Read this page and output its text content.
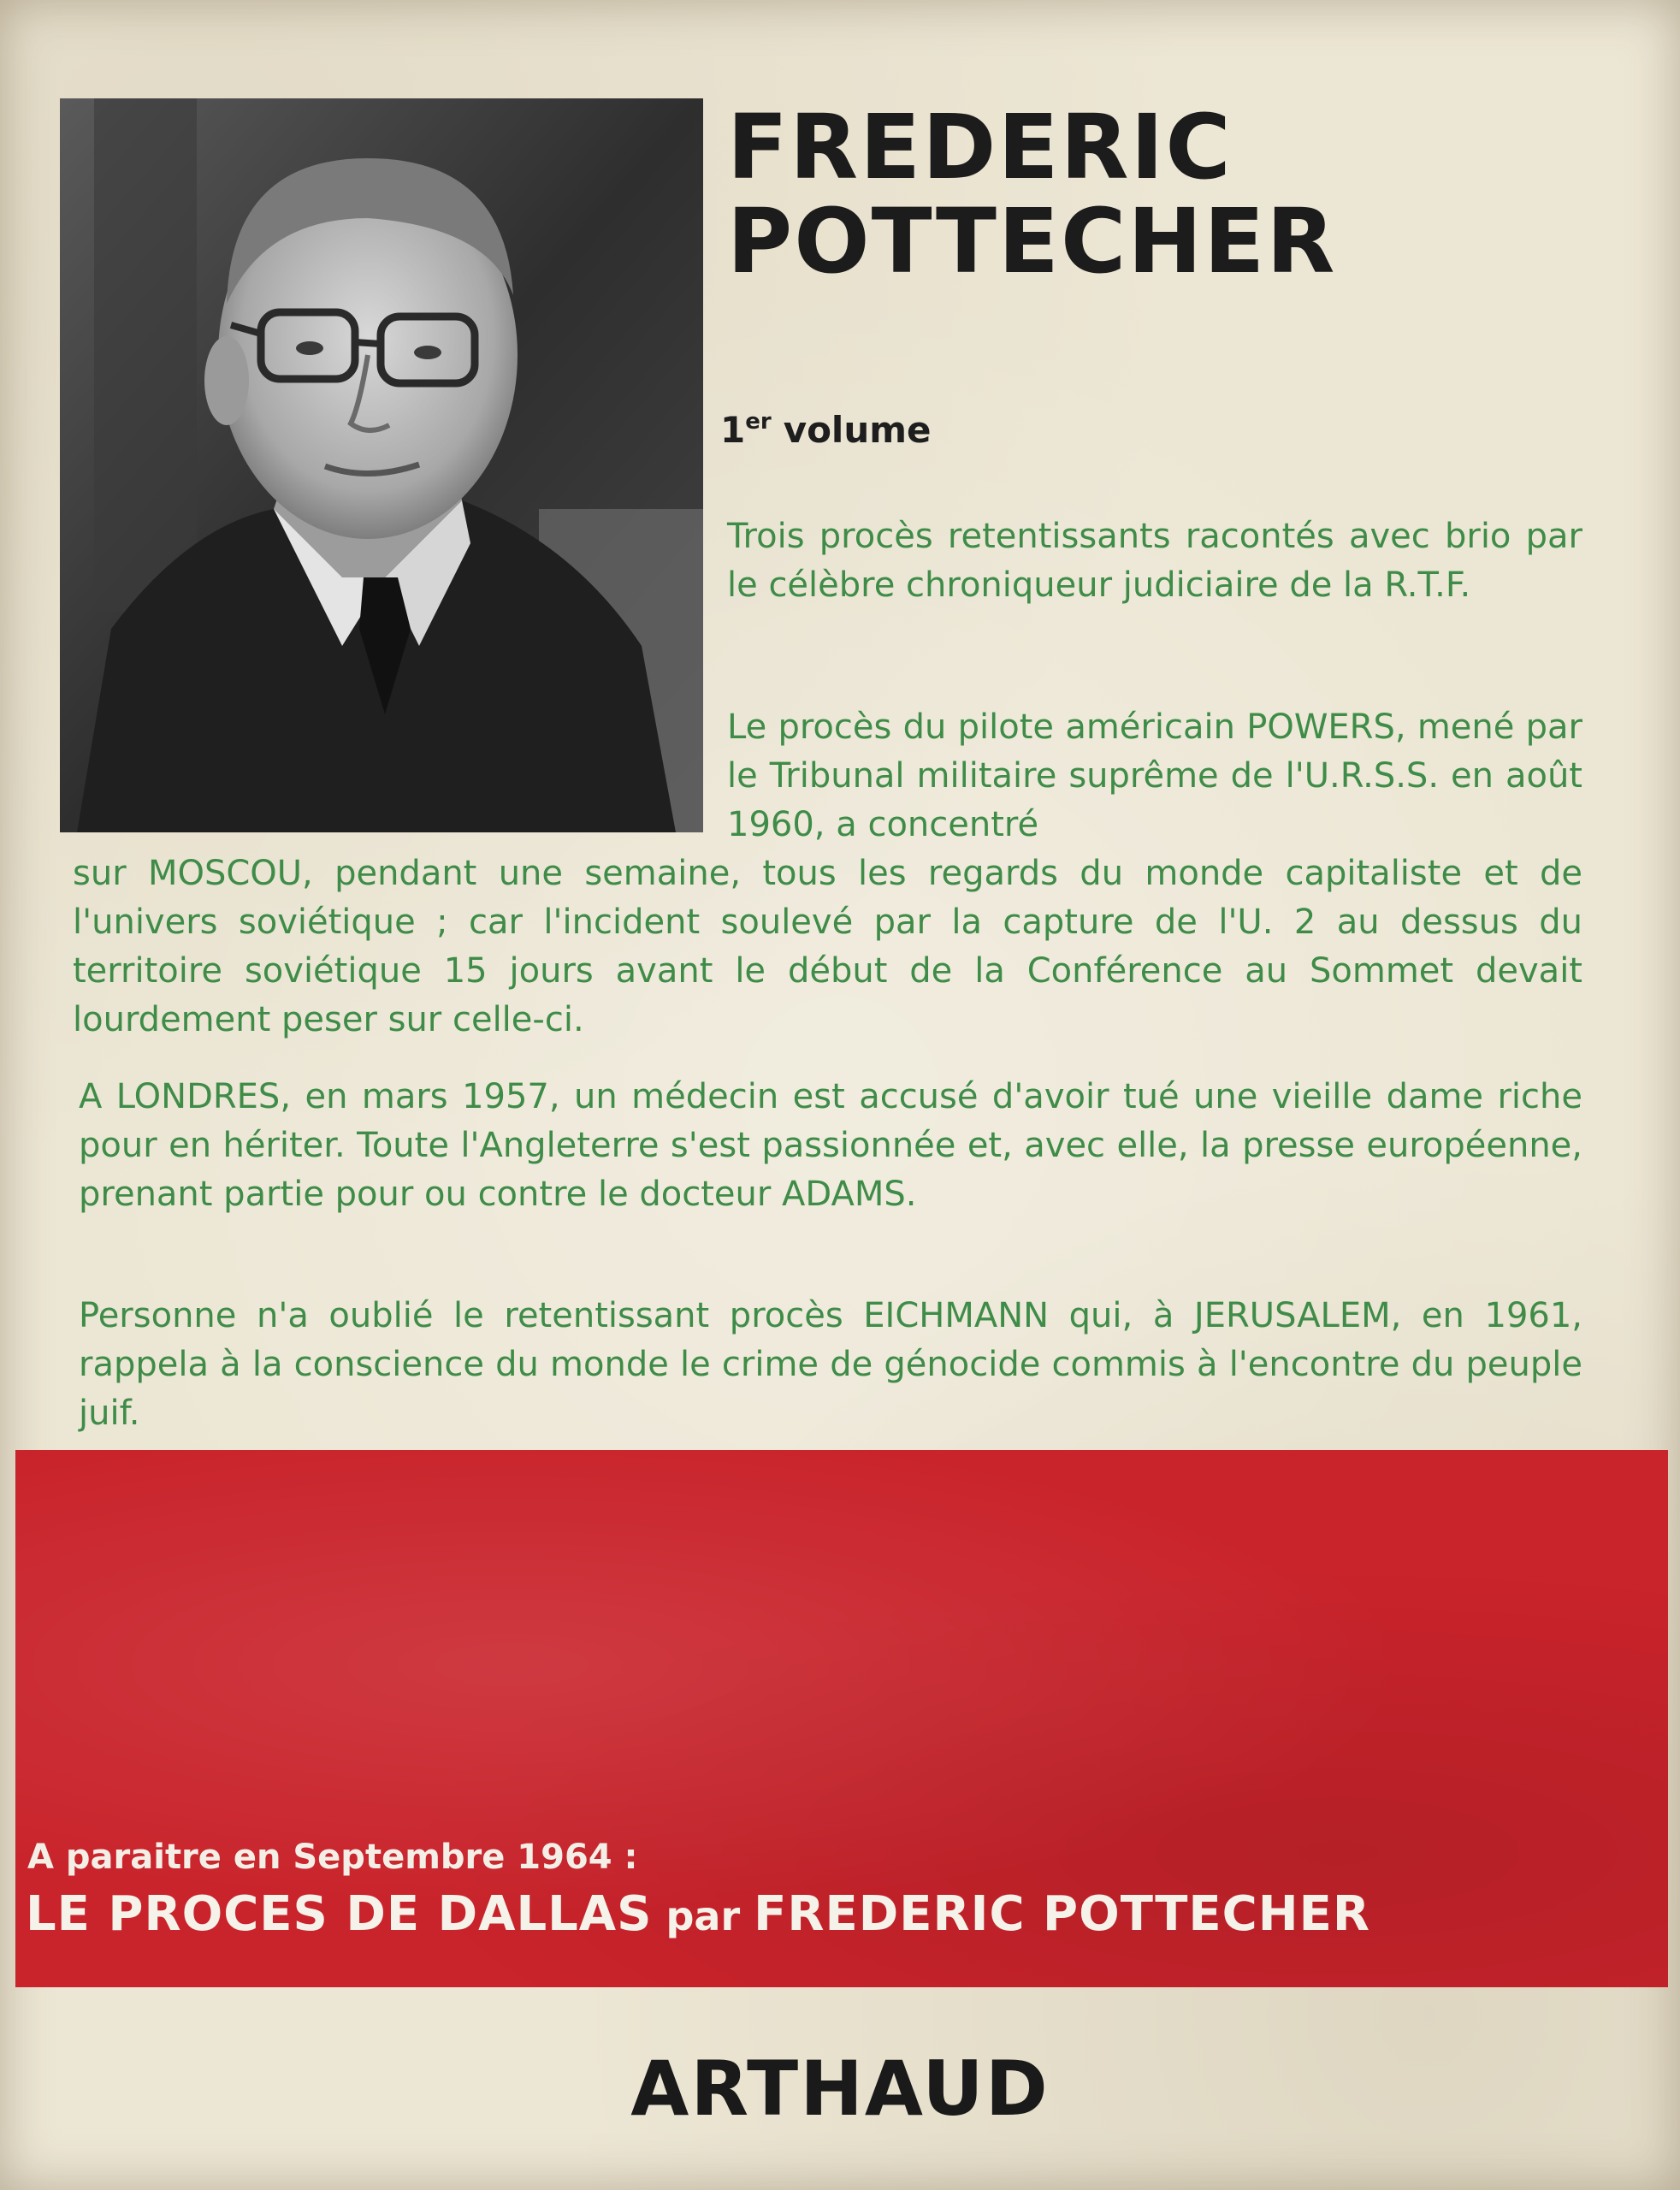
FREDERIC
POTTECHER
1er volume

Trois procès retentissants racontés avec brio par le célèbre chroniqueur judiciaire de la R.T.F.

Le procès du pilote américain POWERS, mené par le Tribunal militaire suprême de l'U.R.S.S. en août 1960, a concentré

sur MOSCOU, pendant une semaine, tous les regards du monde capitaliste et de l'univers soviétique ; car l'incident soulevé par la capture de l'U. 2 au dessus du territoire soviétique 15 jours avant le début de la Conférence au Sommet devait lourdement peser sur celle-ci.

A LONDRES, en mars 1957, un médecin est accusé d'avoir tué une vieille dame riche pour en hériter. Toute l'Angleterre s'est passionnée et, avec elle, la presse européenne, prenant partie pour ou contre le docteur ADAMS.

Personne n'a oublié le retentissant procès EICHMANN qui, à JERUSALEM, en 1961, rappela à la conscience du monde le crime de génocide commis à l'encontre du peuple juif.

A paraitre en Septembre 1964 :
LE PROCES DE DALLAS par FREDERIC POTTECHER
ARTHAUD
